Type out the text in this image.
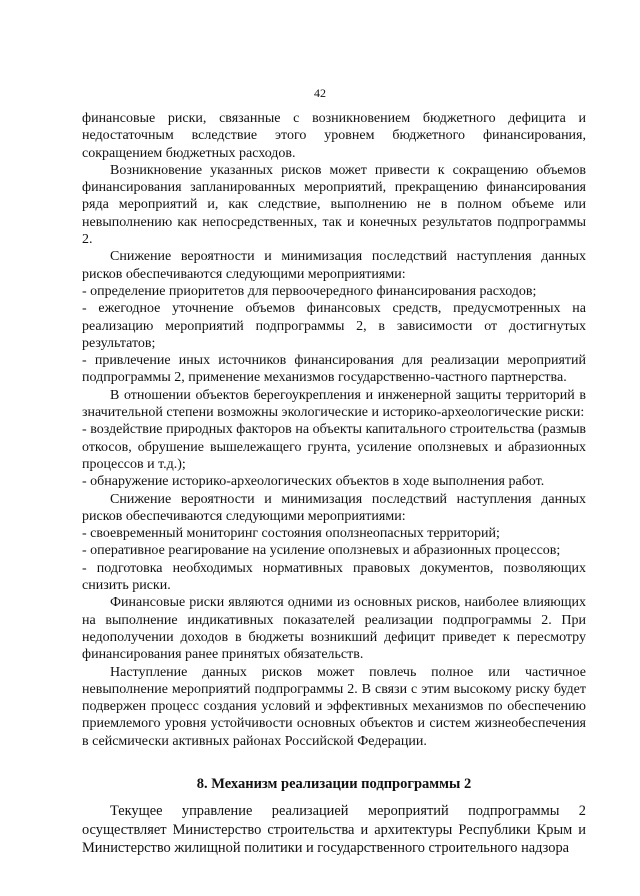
42

финансовые риски, связанные с возникновением бюджетного дефицита и недостаточным вследствие этого уровнем бюджетного финансирования, сокращением бюджетных расходов.

Возникновение указанных рисков может привести к сокращению объемов финансирования запланированных мероприятий, прекращению финансирования ряда мероприятий и, как следствие, выполнению не в полном объеме или невыполнению как непосредственных, так и конечных результатов подпрограммы 2.

Снижение вероятности и минимизация последствий наступления данных рисков обеспечиваются следующими мероприятиями:

- определение приоритетов для первоочередного финансирования расходов;

- ежегодное уточнение объемов финансовых средств, предусмотренных на реализацию мероприятий подпрограммы 2, в зависимости от достигнутых результатов;

- привлечение иных источников финансирования для реализации мероприятий подпрограммы 2, применение механизмов государственно-частного партнерства.

В отношении объектов берегоукрепления и инженерной защиты территорий в значительной степени возможны экологические и историко-археологические риски:

- воздействие природных факторов на объекты капитального строительства (размыв откосов, обрушение вышележащего грунта, усиление оползневых и абразионных процессов и т.д.);

- обнаружение историко-археологических объектов в ходе выполнения работ.

Снижение вероятности и минимизация последствий наступления данных рисков обеспечиваются следующими мероприятиями:

- своевременный мониторинг состояния оползнеопасных территорий;

- оперативное реагирование на усиление оползневых и абразионных процессов;

- подготовка необходимых нормативных правовых документов, позволяющих снизить риски.

Финансовые риски являются одними из основных рисков, наиболее влияющих на выполнение индикативных показателей реализации подпрограммы 2. При недополучении доходов в бюджеты возникший дефицит приведет к пересмотру финансирования ранее принятых обязательств.

Наступление данных рисков может повлечь полное или частичное невыполнение мероприятий подпрограммы 2. В связи с этим высокому риску будет подвержен процесс создания условий и эффективных механизмов по обеспечению приемлемого уровня устойчивости основных объектов и систем жизнеобеспечения в сейсмически активных районах Российской Федерации.

8. Механизм реализации подпрограммы 2

Текущее управление реализацией мероприятий подпрограммы 2 осуществляет Министерство строительства и архитектуры Республики Крым и Министерство жилищной политики и государственного строительного надзора
